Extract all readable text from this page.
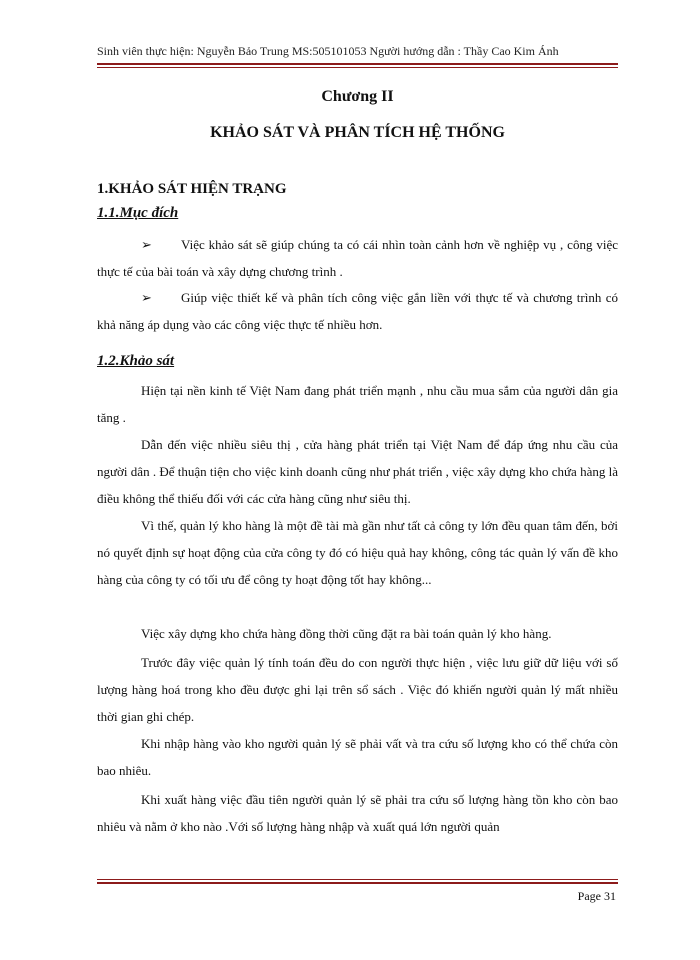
Sinh viên thực hiện: Nguyễn Bảo Trung MS:505101053 Người hướng dẫn : Thầy Cao Kim Ánh
Chương II
KHẢO SÁT VÀ PHÂN TÍCH HỆ THỐNG
1.KHẢO SÁT HIỆN TRẠNG
1.1.Mục đích
➢ Việc khảo sát sẽ giúp chúng ta có cái nhìn toàn cảnh hơn về nghiệp vụ , công việc thực tế của bài toán và xây dựng chương trình .
➢ Giúp việc thiết kế và phân tích công việc gắn liền với thực tế và chương trình có khả năng áp dụng vào các công việc thực tế nhiều hơn.
1.2.Khảo sát
Hiện tại nền kinh tế Việt Nam đang phát triển mạnh , nhu cầu mua sắm của người dân gia tăng .
Dẫn đến việc nhiều siêu thị , cửa hàng phát triển tại Việt Nam để đáp ứng nhu cầu của người dân . Để thuận tiện cho việc kinh doanh cũng như phát triển , việc xây dựng kho chứa hàng là điều không thể thiếu đối với các cửa hàng cũng như siêu thị.
Vì thế, quản lý kho hàng là một đề tài mà gần như tất cả công ty lớn đều quan tâm đến, bởi nó quyết định sự hoạt động của cửa công ty đó có hiệu quả hay không, công tác quản lý vấn đề kho hàng của công ty có tối ưu để công ty hoạt động tốt hay không...
Việc xây dựng kho chứa hàng đồng thời cũng đặt ra bài toán quản lý kho hàng.
Trước đây việc quản lý tính toán đều do con người thực hiện , việc lưu giữ dữ liệu với số lượng hàng hoá trong kho đều được ghi lại trên sổ sách . Việc đó khiến người quản lý mất nhiều thời gian ghi chép.
Khi nhập hàng vào kho người quản lý sẽ phải vất và tra cứu số lượng kho có thể chứa còn bao nhiêu.
Khi xuất hàng việc đầu tiên người quản lý sẽ phải tra cứu số lượng hàng tồn kho còn bao nhiêu và nằm ở kho nào .Với số lượng hàng nhập và xuất quá lớn người quản
Page 31
